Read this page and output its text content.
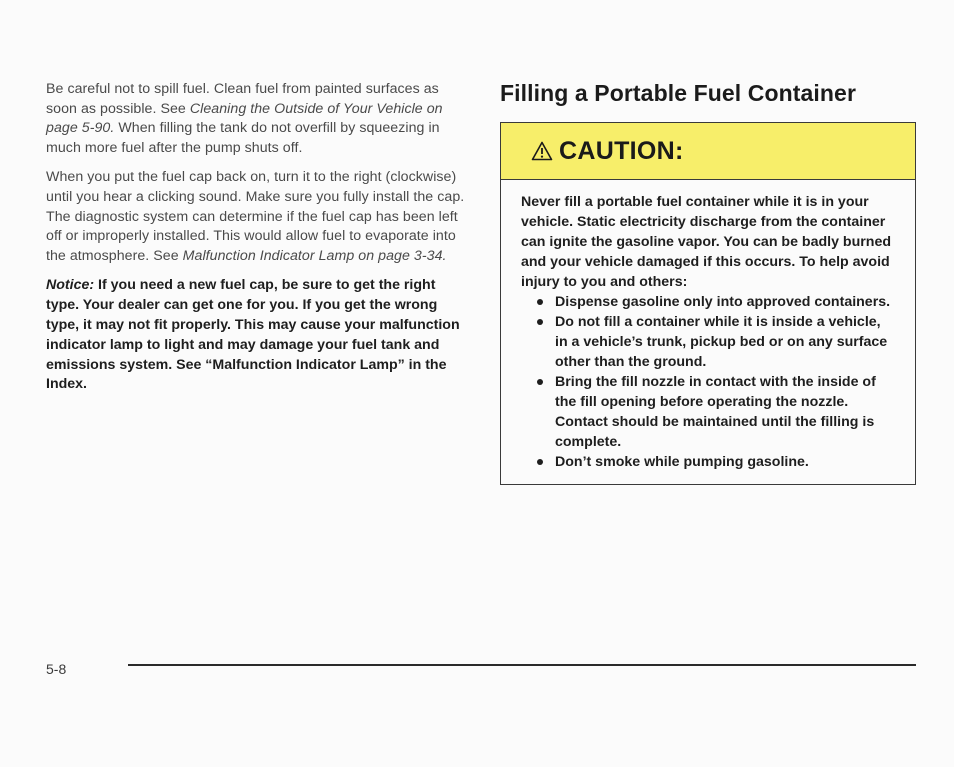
Be careful not to spill fuel. Clean fuel from painted surfaces as soon as possible. See Cleaning the Outside of Your Vehicle on page 5-90. When filling the tank do not overfill by squeezing in much more fuel after the pump shuts off.

When you put the fuel cap back on, turn it to the right (clockwise) until you hear a clicking sound. Make sure you fully install the cap. The diagnostic system can determine if the fuel cap has been left off or improperly installed. This would allow fuel to evaporate into the atmosphere. See Malfunction Indicator Lamp on page 3-34.

Notice: If you need a new fuel cap, be sure to get the right type. Your dealer can get one for you. If you get the wrong type, it may not fit properly. This may cause your malfunction indicator lamp to light and may damage your fuel tank and emissions system. See “Malfunction Indicator Lamp” in the Index.
Filling a Portable Fuel Container
CAUTION:

Never fill a portable fuel container while it is in your vehicle. Static electricity discharge from the container can ignite the gasoline vapor. You can be badly burned and your vehicle damaged if this occurs. To help avoid injury to you and others:

Dispense gasoline only into approved containers.
Do not fill a container while it is inside a vehicle, in a vehicle’s trunk, pickup bed or on any surface other than the ground.
Bring the fill nozzle in contact with the inside of the fill opening before operating the nozzle. Contact should be maintained until the filling is complete.
Don’t smoke while pumping gasoline.
5-8
